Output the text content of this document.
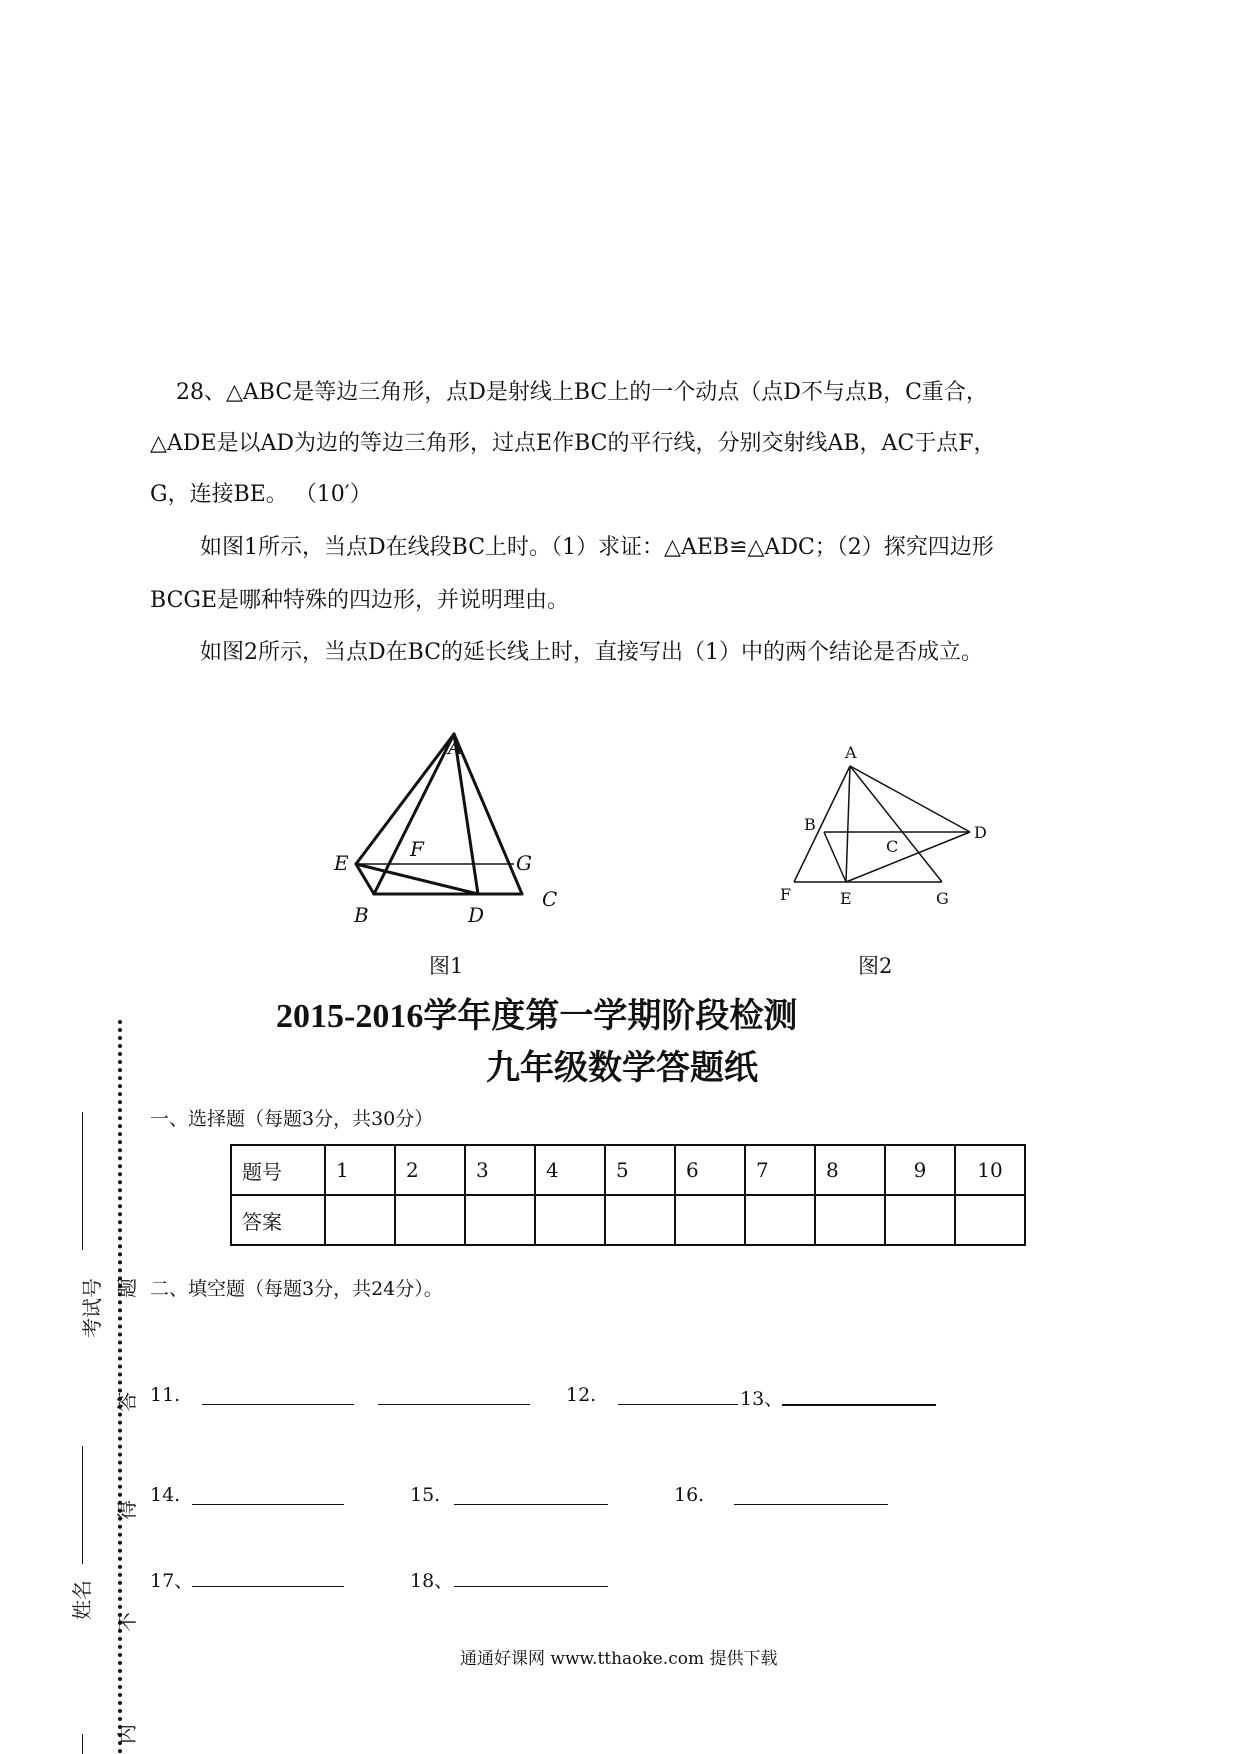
28、△ABC是等边三角形，点D是射线上BC上的一个动点（点D不与点B，C重合，
△ADE是以AD为边的等边三角形，过点E作BC的平行线，分别交射线AB，AC于点F，
G，连接BE。 （10′）
如图1所示，当点D在线段BC上时。（1）求证：△AEB≌△ADC；（2）探究四边形
BCGE是哪种特殊的四边形，并说明理由。
如图2所示，当点D在BC的延长线上时，直接写出（1）中的两个结论是否成立。
A
E
F
G
B	D
C
图1
A
B	D
C
F	E	G
图2
2015-2016学年度第一学期阶段检测
九年级数学答题纸
一、选择题（每题3分，共30分）
题号	1	2	3	4	5	6	7	8	9	10
答案										
二、填空题（每题3分，共24分）。
11.	12.	13、
14.	15.	16.
17、	18、
考试号
姓名
题
答
得
不
内
通通好课网 www.tthaoke.com 提供下载
